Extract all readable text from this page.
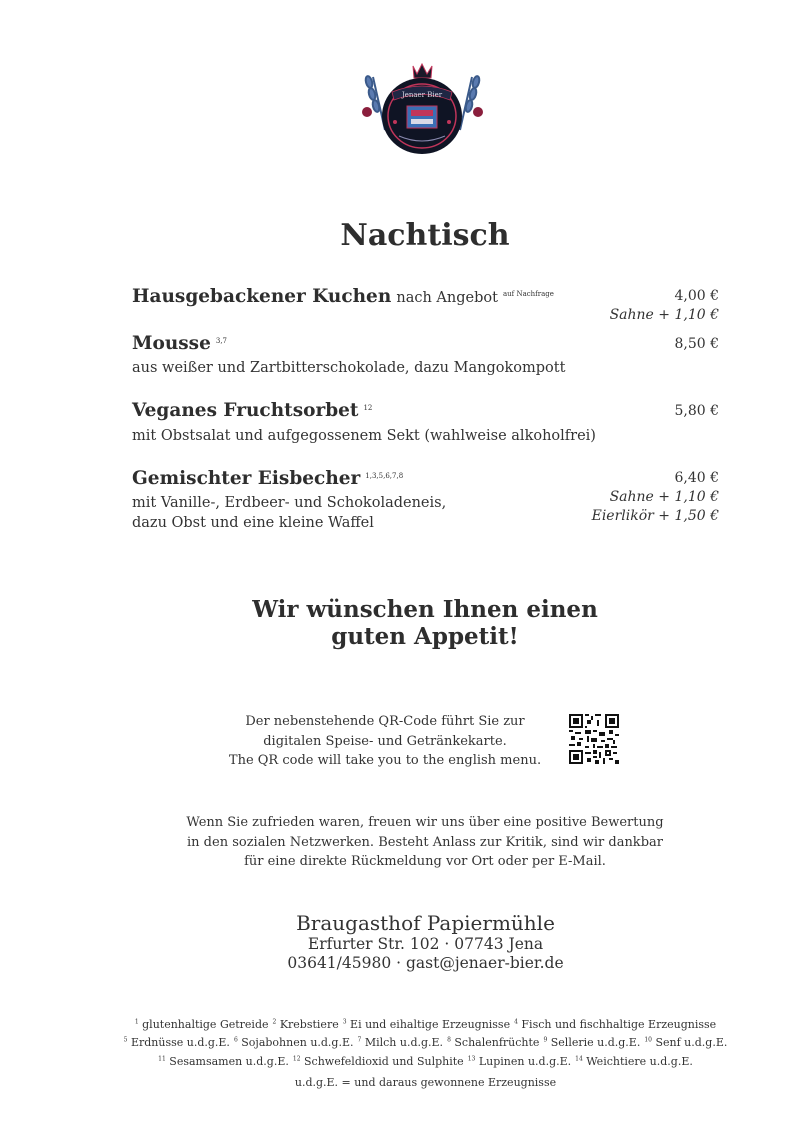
Jenaer Bier
Nachtisch
Hausgebackener Kuchen nach Angebot $^{auf Nachfrage}$	4,00 €
Sahne + 1,10 €
Mousse $^{3,7}$	8,50 €
aus weißer und Zartbitterschokolade, dazu Mangokompott
Veganes Fruchtsorbet $^{12}$	5,80 €
mit Obstsalat und aufgegossenem Sekt (wahlweise alkoholfrei)
Gemischter Eisbecher $^{1,3,5,6,7,8}$	6,40 €
Sahne + 1,10 €
Eierlikör + 1,50 €
mit Vanille-, Erdbeer- und Schokoladeneis,
dazu Obst und eine kleine Waffel
Wir wünschen Ihnen einen
guten Appetit!
Der nebenstehende QR-Code führt Sie zur
digitalen Speise- und Getränkekarte.
The QR code will take you to the english menu.
Wenn Sie zufrieden waren, freuen wir uns über eine positive Bewertung
in den sozialen Netzwerken. Besteht Anlass zur Kritik, sind wir dankbar
für eine direkte Rückmeldung vor Ort oder per E-Mail.
Braugasthof Papiermühle
Erfurter Str. 102 · 07743 Jena
03641/45980 · gast@jenaer-bier.de
$^1$ glutenhaltige Getreide $^2$ Krebstiere $^3$ Ei und eihaltige Erzeugnisse $^4$ Fisch und fischhaltige Erzeugnisse
$^5$ Erdnüsse u.d.g.E. $^6$ Sojabohnen u.d.g.E. $^7$ Milch u.d.g.E. $^8$ Schalenfrüchte $^9$ Sellerie u.d.g.E. $^{10}$ Senf u.d.g.E.
$^{11}$ Sesamsamen u.d.g.E. $^{12}$ Schwefeldioxid und Sulphite $^{13}$ Lupinen u.d.g.E. $^{14}$ Weichtiere u.d.g.E.
u.d.g.E. = und daraus gewonnene Erzeugnisse
